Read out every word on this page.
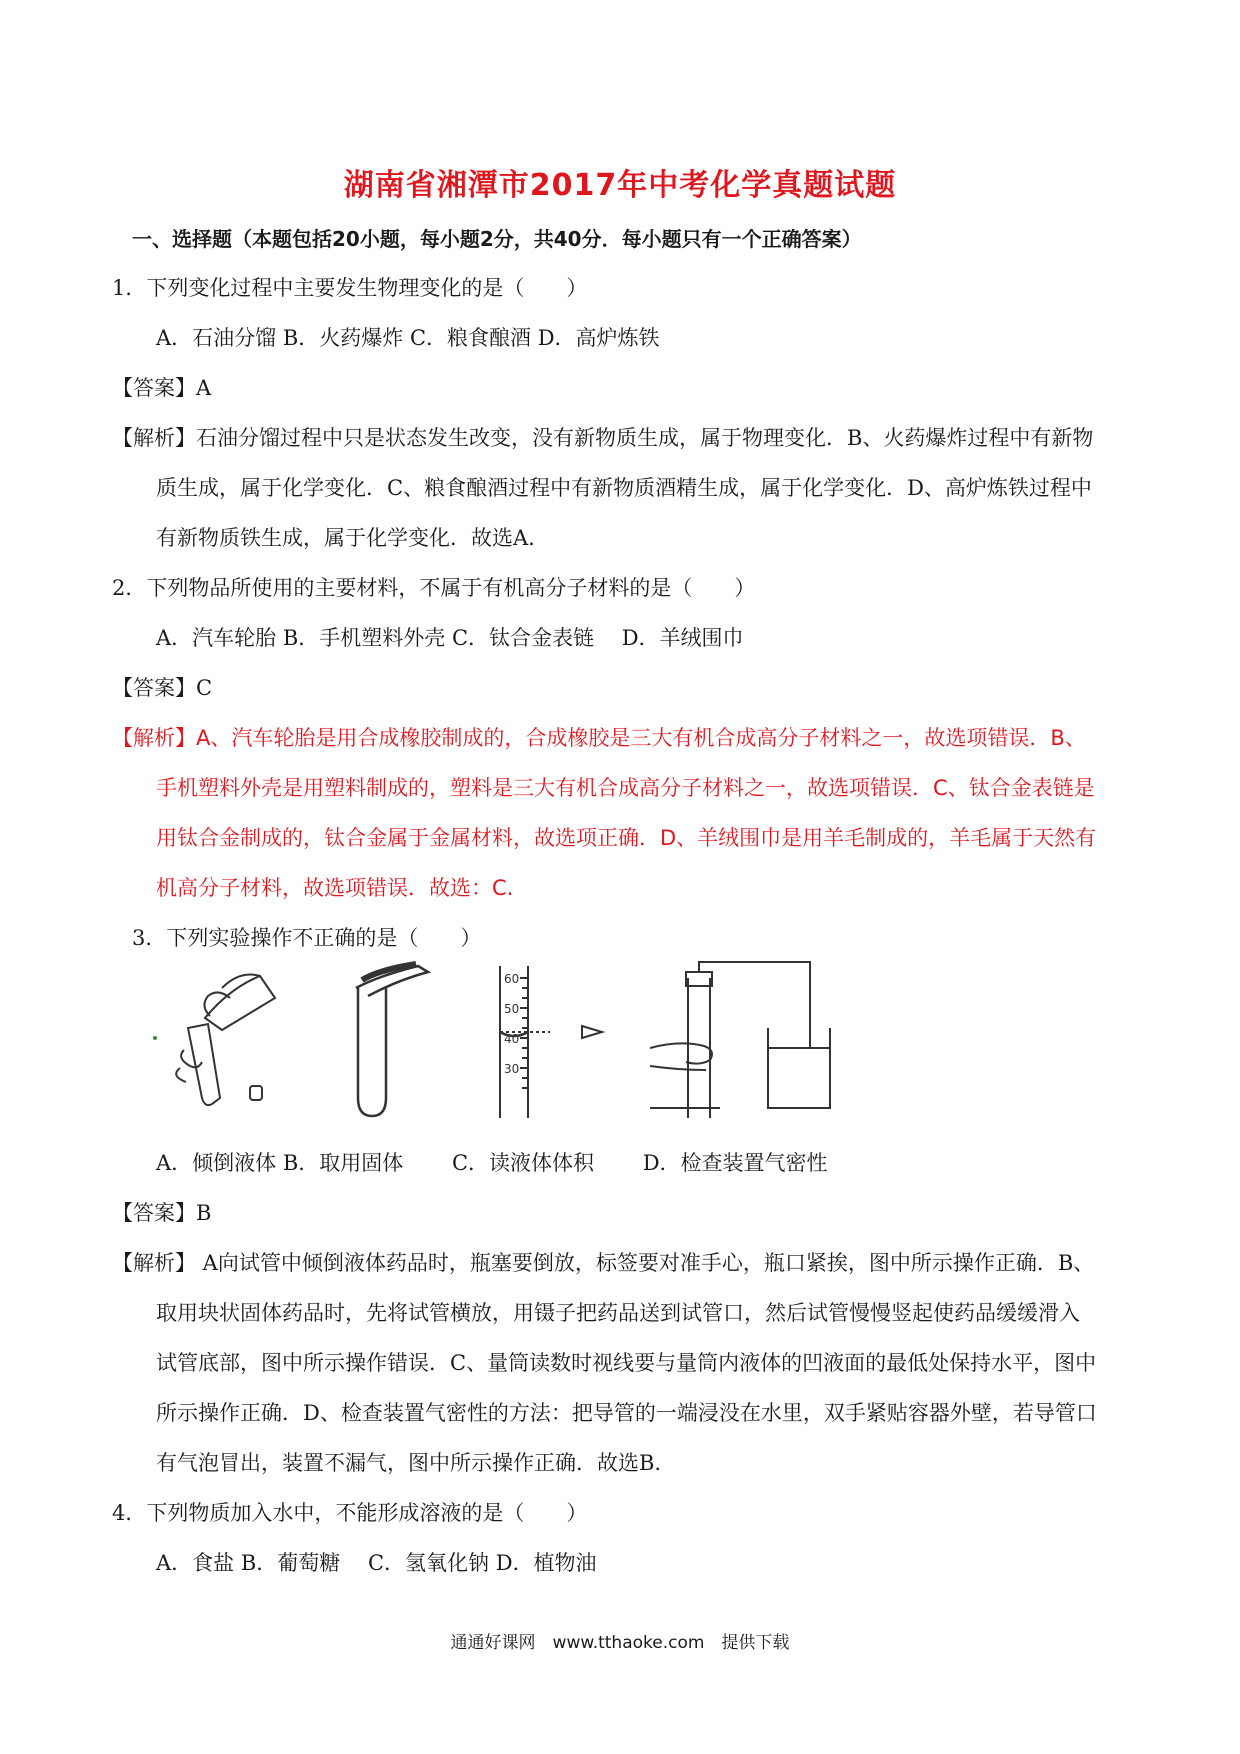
湖南省湘潭市2017年中考化学真题试题
一、选择题（本题包括20小题，每小题2分，共40分．每小题只有一个正确答案）
1．下列变化过程中主要发生物理变化的是（　　）
A．石油分馏 B．火药爆炸 C．粮食酿酒 D．高炉炼铁
【答案】A
【解析】石油分馏过程中只是状态发生改变，没有新物质生成，属于物理变化．B、火药爆炸过程中有新物
质生成，属于化学变化．C、粮食酿酒过程中有新物质酒精生成，属于化学变化．D、高炉炼铁过程中
有新物质铁生成，属于化学变化．故选A.
2．下列物品所使用的主要材料，不属于有机高分子材料的是（　　）
A．汽车轮胎 B．手机塑料外壳 C．钛合金表链　 D．羊绒围巾
【答案】C
【解析】A、汽车轮胎是用合成橡胶制成的，合成橡胶是三大有机合成高分子材料之一，故选项错误．B、
手机塑料外壳是用塑料制成的，塑料是三大有机合成高分子材料之一，故选项错误．C、钛合金表链是
用钛合金制成的，钛合金属于金属材料，故选项正确．D、羊绒围巾是用羊毛制成的，羊毛属于天然有
机高分子材料，故选项错误．故选：C.
3．下列实验操作不正确的是（　　）
60
50
40
30
A．倾倒液体 B．取用固体　　 C．读液体体积　　 D．检查装置气密性
【答案】B
【解析】 A向试管中倾倒液体药品时，瓶塞要倒放，标签要对准手心，瓶口紧挨，图中所示操作正确．B、
取用块状固体药品时，先将试管横放，用镊子把药品送到试管口，然后试管慢慢竖起使药品缓缓滑入
试管底部，图中所示操作错误．C、量筒读数时视线要与量筒内液体的凹液面的最低处保持水平，图中
所示操作正确．D、检查装置气密性的方法：把导管的一端浸没在水里，双手紧贴容器外壁，若导管口
有气泡冒出，装置不漏气，图中所示操作正确．故选B.
4．下列物质加入水中，不能形成溶液的是（　　）
A．食盐 B．葡萄糖　 C．氢氧化钠 D．植物油
通通好课网　www.tthaoke.com　提供下载
